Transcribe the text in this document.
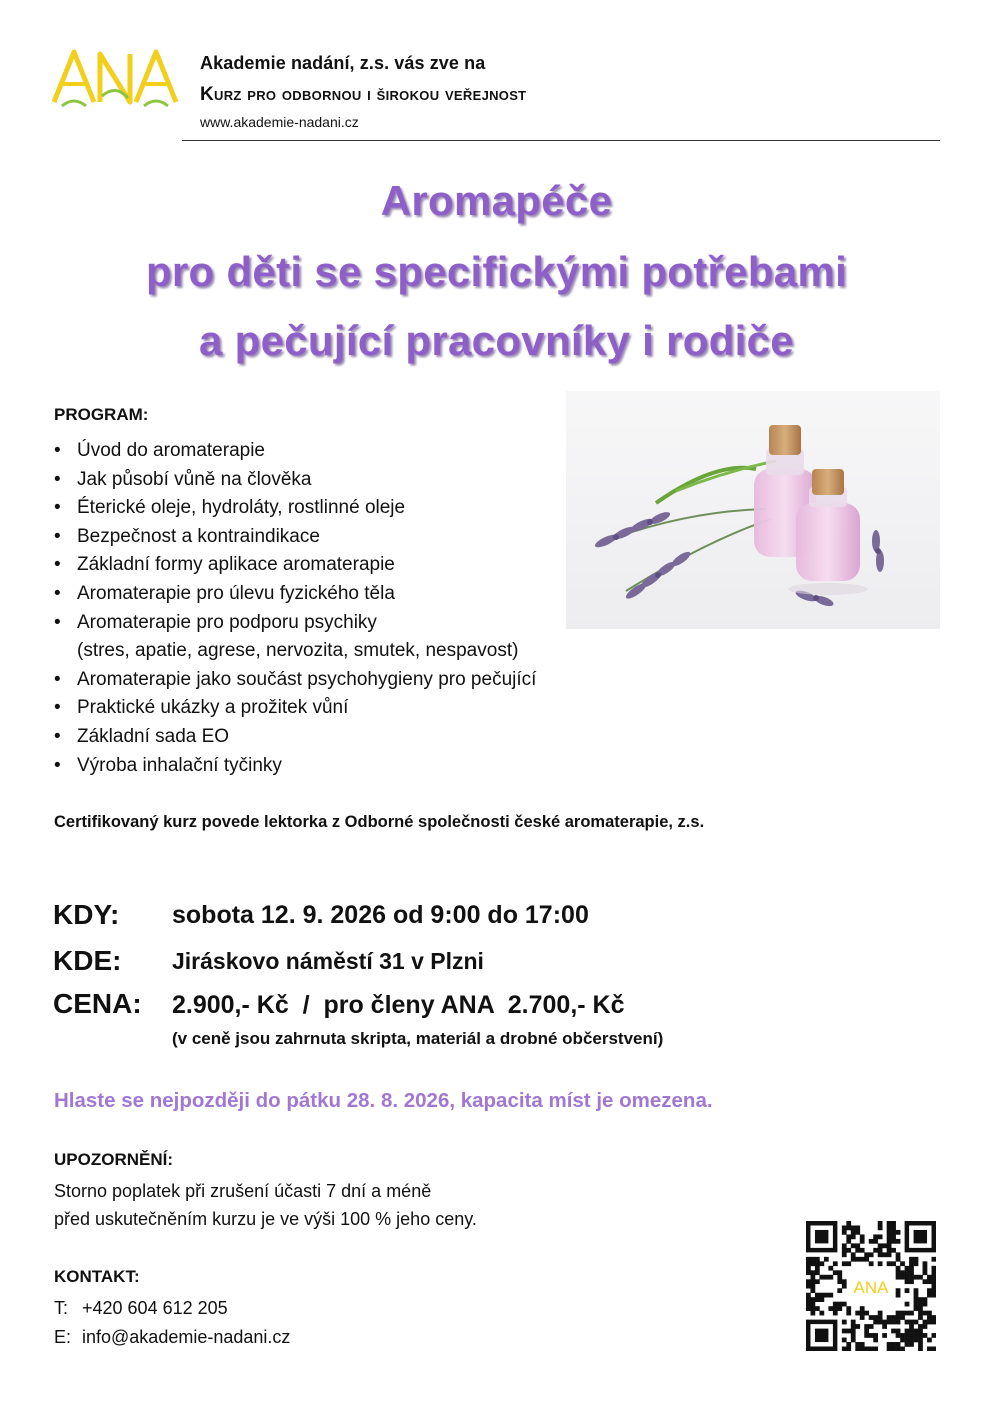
Akademie nadání, z.s. vás zve na
Kurz pro odbornou i širokou veřejnost
www.akademie-nadani.cz
Aromapéče
pro děti se specifickými potřebami
a pečující pracovníky i rodiče
PROGRAM:
• Úvod do aromaterapie
• Jak působí vůně na člověka
• Éterické oleje, hydroláty, rostlinné oleje
• Bezpečnost a kontraindikace
• Základní formy aplikace aromaterapie
• Aromaterapie pro úlevu fyzického těla
• Aromaterapie pro podporu psychiky
(stres, apatie, agrese, nervozita, smutek, nespavost)
• Aromaterapie jako součást psychohygieny pro pečující
• Praktické ukázky a prožitek vůní
• Základní sada EO
• Výroba inhalační tyčinky
Certifikovaný kurz povede lektorka z Odborné společnosti české aromaterapie, z.s.
KDY: sobota 12. 9. 2026 od 9:00 do 17:00
KDE: Jiráskovo náměstí 31 v Plzni
CENA: 2.900,- Kč  /  pro členy ANA  2.700,- Kč
(v ceně jsou zahrnuta skripta, materiál a drobné občerstvení)
Hlaste se nejpozději do pátku 28. 8. 2026, kapacita míst je omezena.
UPOZORNĚNÍ:
Storno poplatek při zrušení účasti 7 dní a méně
před uskutečněním kurzu je ve výši 100 % jeho ceny.
KONTAKT:
T: +420 604 612 205
E: info@akademie-nadani.cz
ANA
